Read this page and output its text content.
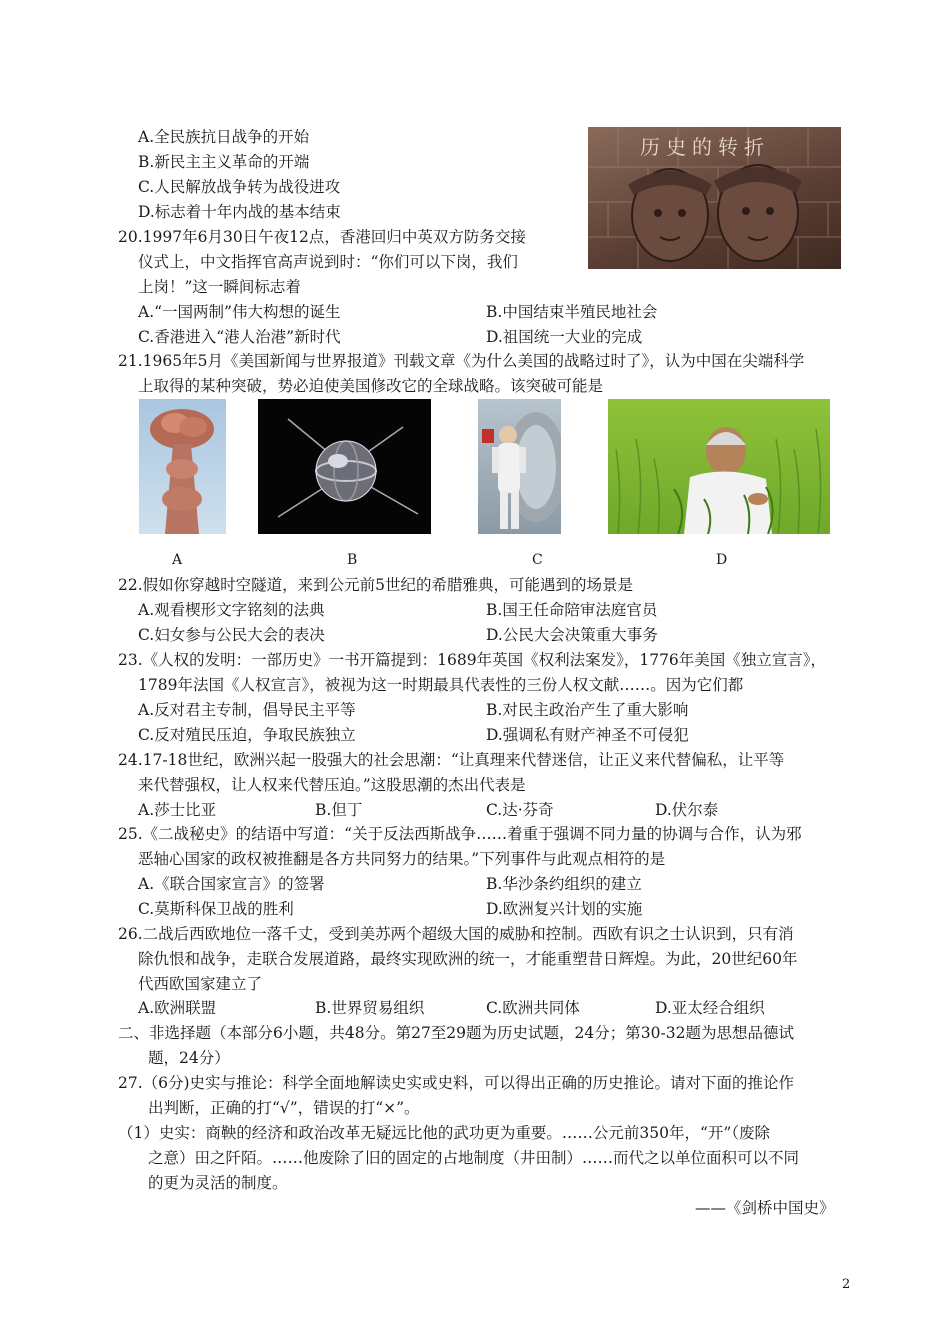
A.全民族抗日战争的开始
B.新民主主义革命的开端
C.人民解放战争转为战役进攻
D.标志着十年内战的基本结束
历史的转折
20.1997年6月30日午夜12点，香港回归中英双方防务交接
仪式上，中文指挥官高声说到时：“你们可以下岗，我们
上岗！”这一瞬间标志着
A.“一国两制”伟大构想的诞生	B.中国结束半殖民地社会
C.香港进入“港人治港”新时代	D.祖国统一大业的完成
21.1965年5月《美国新闻与世界报道》刊载文章《为什么美国的战略过时了》，认为中国在尖端科学
上取得的某种突破，势必迫使美国修改它的全球战略。该突破可能是
A	B	C	D
22.假如你穿越时空隧道，来到公元前5世纪的希腊雅典，可能遇到的场景是
A.观看楔形文字铭刻的法典	B.国王任命陪审法庭官员
C.妇女参与公民大会的表决	D.公民大会决策重大事务
23.《人权的发明：一部历史》一书开篇提到：1689年英国《权利法案发》，1776年美国《独立宣言》，
1789年法国《人权宣言》，被视为这一时期最具代表性的三份人权文献……。因为它们都
A.反对君主专制，倡导民主平等	B.对民主政治产生了重大影响
C.反对殖民压迫，争取民族独立	D.强调私有财产神圣不可侵犯
24.17-18世纪，欧洲兴起一股强大的社会思潮：“让真理来代替迷信，让正义来代替偏私，让平等
来代替强权，让人权来代替压迫。”这股思潮的杰出代表是
A.莎士比亚	B.但丁	C.达·芬奇	D.伏尔泰
25.《二战秘史》的结语中写道：“关于反法西斯战争……着重于强调不同力量的协调与合作，认为邪
恶轴心国家的政权被推翻是各方共同努力的结果。”下列事件与此观点相符的是
A.《联合国家宣言》的签署	B.华沙条约组织的建立
C.莫斯科保卫战的胜利	D.欧洲复兴计划的实施
26.二战后西欧地位一落千丈，受到美苏两个超级大国的威胁和控制。西欧有识之士认识到，只有消
除仇恨和战争，走联合发展道路，最终实现欧洲的统一，才能重塑昔日辉煌。为此，20世纪60年
代西欧国家建立了
A.欧洲联盟	B.世界贸易组织	C.欧洲共同体	D.亚太经合组织
二、非选择题（本部分6小题，共48分。第27至29题为历史试题，24分；第30-32题为思想品德试
题，24分）
27.（6分)史实与推论：科学全面地解读史实或史料，可以得出正确的历史推论。请对下面的推论作
出判断，正确的打“√”，错误的打“×”。
（1）史实：商鞅的经济和政治改革无疑远比他的武功更为重要。……公元前350年，“开”（废除
之意）田之阡陌。……他废除了旧的固定的占地制度（井田制）……而代之以单位面积可以不同
的更为灵活的制度。
——《剑桥中国史》
2
